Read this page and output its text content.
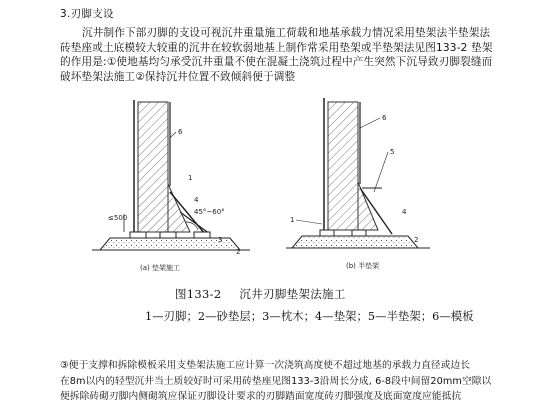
3.刃脚支设
沉井制作下部刃脚的支设可视沉井重量施工荷载和地基承载力情况采用垫架法半垫架法
砖垫座或土底模较大较重的沉井在较软弱地基上制作常采用垫架或半垫架法见图133-2 垫架
的作用是:①使地基均匀承受沉井重量不使在混凝土浇筑过程中产生突然下沉导致刃脚裂缝而
破坏垫架法施工②保持沉井位置不致倾斜便于调整
≤500
45°~60°
6
4
3
2
1
(a) 垫架施工
6
5
4
2
1
(b) 半垫架
图133-2 沉井刃脚垫架法施工
1—刃脚；2—砂垫层；3—枕木；4—垫架；5—半垫架；6—模板
③便于支撑和拆除模板采用支垫架法施工应计算一次浇筑高度使不超过地基的承载力直径或边长
在8m以内的轻型沉井当土质较好时可采用砖垫座见图133-3沿周长分成, 6-8段中间留20mm空隙以
便拆除砖砌刃脚内侧砌筑应保证刃脚设计要求的刃脚踏面宽度砖刃脚强度及底面宽度应能抵抗
